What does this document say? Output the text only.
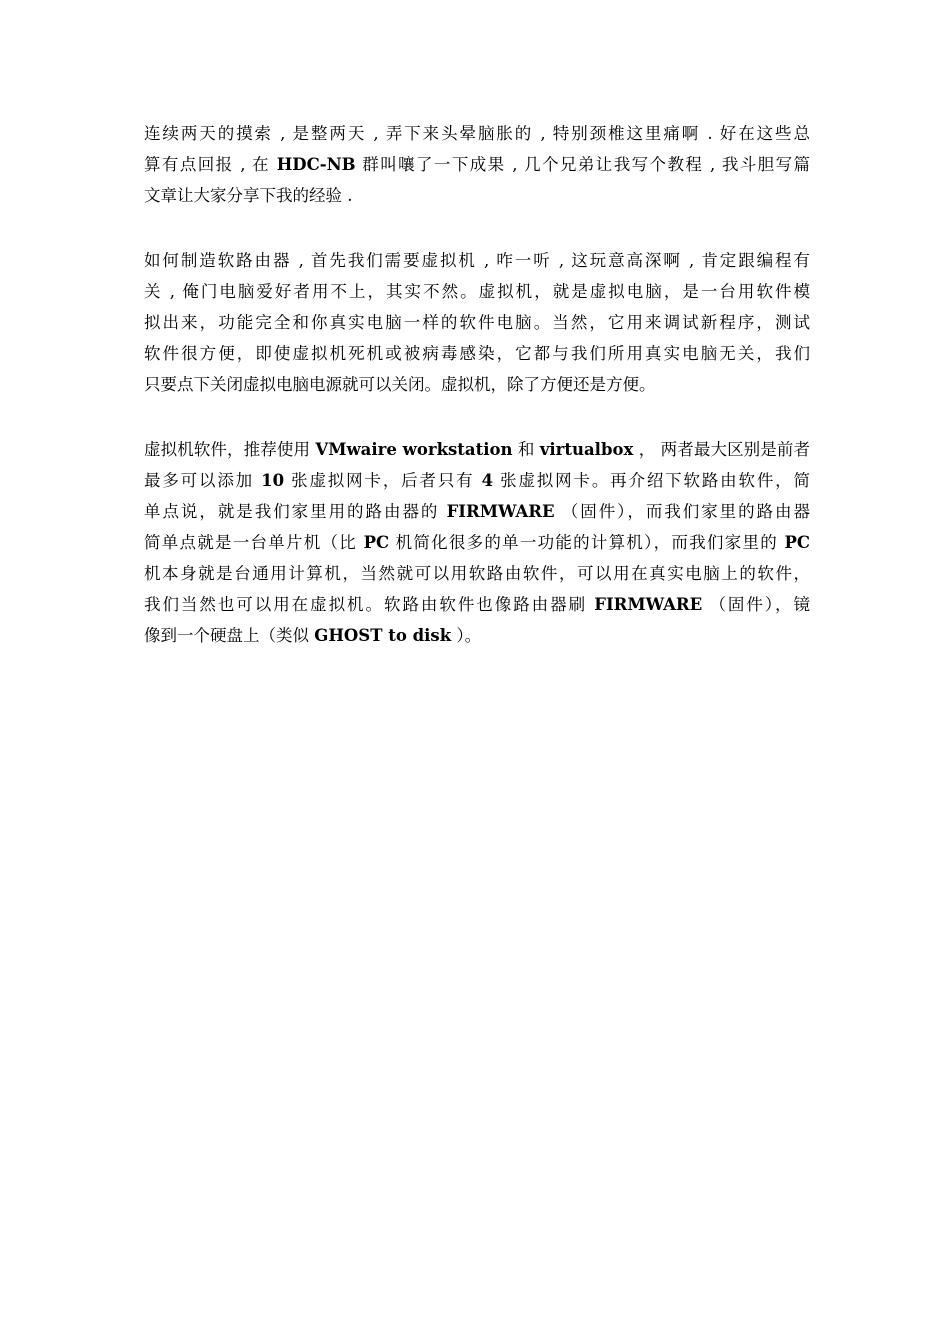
连续两天的摸索 , 是整两天 , 弄下来头晕脑胀的 , 特别颈椎这里痛啊 . 好在这些总
算有点回报 , 在 HDC-NB 群叫嚷了一下成果 , 几个兄弟让我写个教程 , 我斗胆写篇
文章让大家分享下我的经验 .
如何制造软路由器 , 首先我们需要虚拟机 , 咋一听 , 这玩意高深啊 , 肯定跟编程有
关 , 俺门电脑爱好者用不上，其实不然。虚拟机，就是虚拟电脑，是一台用软件模
拟出来，功能完全和你真实电脑一样的软件电脑。当然，它用来调试新程序，测试
软件很方便，即使虚拟机死机或被病毒感染，它都与我们所用真实电脑无关，我们
只要点下关闭虚拟电脑电源就可以关闭。虚拟机，除了方便还是方便。
虚拟机软件，推荐使用 VMwaire workstation 和 virtualbox ， 两者最大区别是前者
最多可以添加 10 张虚拟网卡，后者只有 4 张虚拟网卡。再介绍下软路由软件，简
单点说，就是我们家里用的路由器的 FIRMWARE （固件），而我们家里的路由器
简单点就是一台单片机（比 PC 机简化很多的单一功能的计算机），而我们家里的 PC
机本身就是台通用计算机，当然就可以用软路由软件，可以用在真实电脑上的软件，
我们当然也可以用在虚拟机。软路由软件也像路由器刷 FIRMWARE （固件），镜
像到一个硬盘上（类似 GHOST to disk ）。
